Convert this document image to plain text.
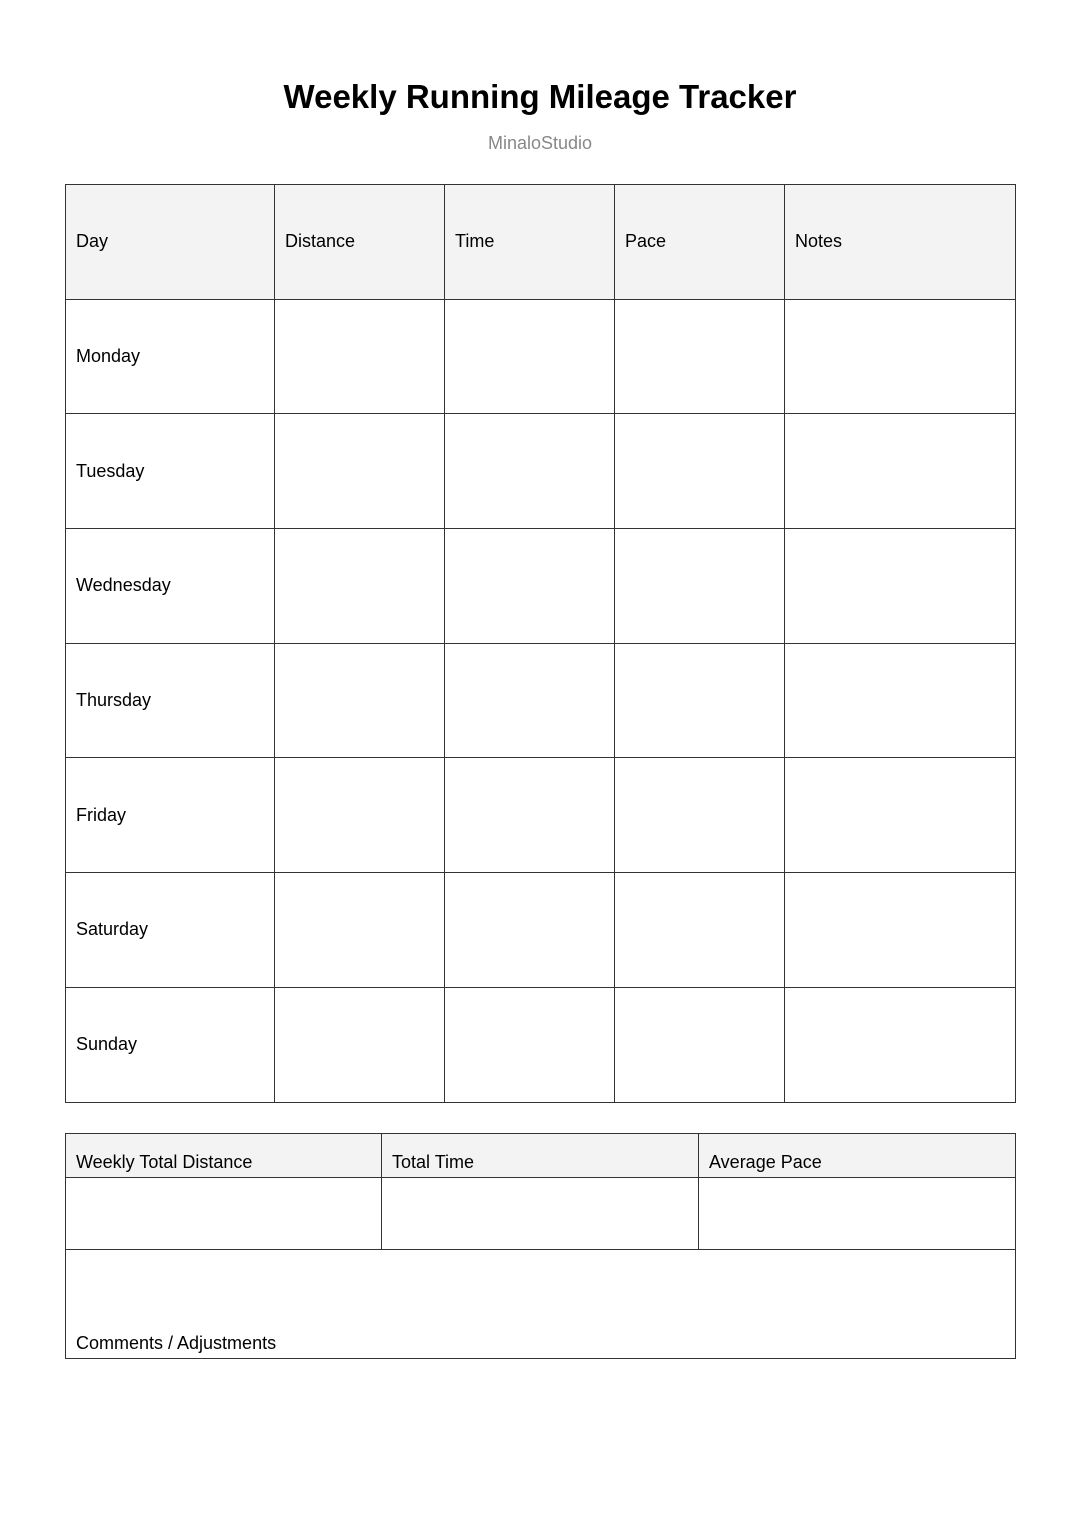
Weekly Running Mileage Tracker
MinaloStudio
Day	Distance	Time	Pace	Notes
Monday				
Tuesday				
Wednesday				
Thursday				
Friday				
Saturday				
Sunday				
Weekly Total Distance	Total Time	Average Pace

Comments / Adjustments		
